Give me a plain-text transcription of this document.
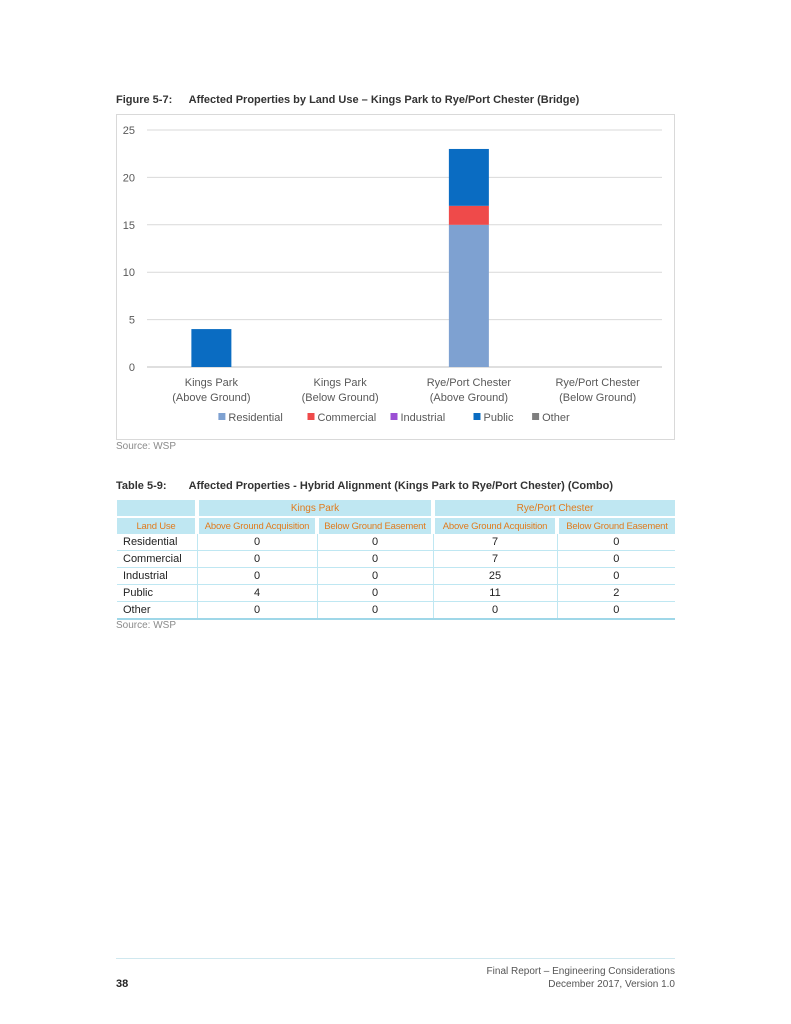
Figure 5-7: Affected Properties by Land Use – Kings Park to Rye/Port Chester (Bridge)
0
5
10
15
20
25
Kings Park
(Above Ground)
Kings Park
(Below Ground)
Rye/Port Chester
(Above Ground)
Rye/Port Chester
(Below Ground)
Residential	Commercial Industrial	Public	Other
Source: WSP
Table 5-9: Affected Properties - Hybrid Alignment (Kings Park to Rye/Port Chester) (Combo)
	Kings Park		Rye/Port Chester	
Land Use	Above Ground Acquisition	Below Ground Easement	Above Ground Acquisition	Below Ground Easement
Residential	0	0	7	0
Commercial	0	0	7	0
Industrial	0	0	25	0
Public	4	0	11	2
Other	0	0	0	0
Source: WSP
38
Final Report – Engineering Considerations
December 2017, Version 1.0
